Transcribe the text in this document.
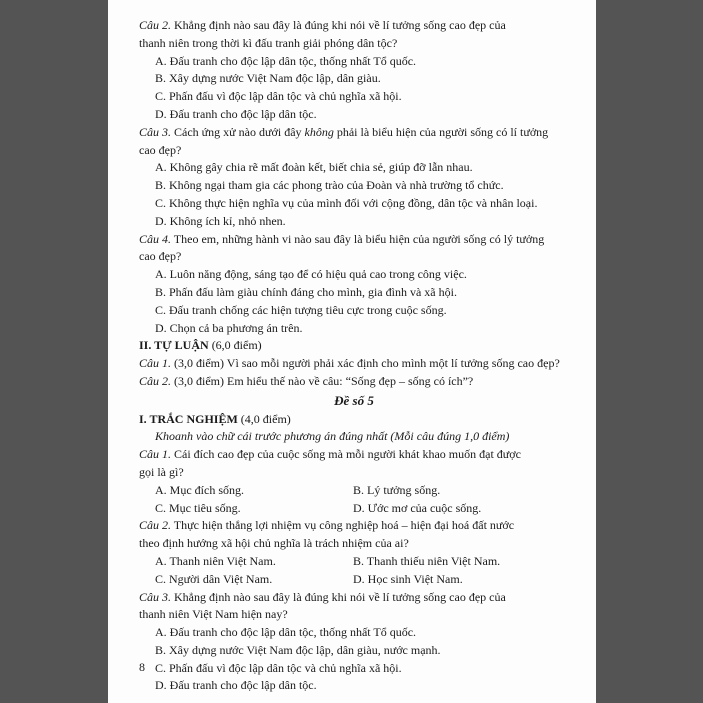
Câu 2. Khẳng định nào sau đây là đúng khi nói về lí tưởng sống cao đẹp của
thanh niên trong thời kì đấu tranh giải phóng dân tộc?
A. Đấu tranh cho độc lập dân tộc, thống nhất Tổ quốc.
B. Xây dựng nước Việt Nam độc lập, dân giàu.
C. Phấn đấu vì độc lập dân tộc và chủ nghĩa xã hội.
D. Đấu tranh cho độc lập dân tộc.
Câu 3. Cách ứng xử nào dưới đây không phải là biểu hiện của người sống có lí tưởng
cao đẹp?
A. Không gây chia rẽ mất đoàn kết, biết chia sẻ, giúp đỡ lẫn nhau.
B. Không ngại tham gia các phong trào của Đoàn và nhà trường tổ chức.
C. Không thực hiện nghĩa vụ của mình đối với cộng đồng, dân tộc và nhân loại.
D. Không ích kỉ, nhỏ nhen.
Câu 4. Theo em, những hành vi nào sau đây là biểu hiện của người sống có lý tưởng
cao đẹp?
A. Luôn năng động, sáng tạo để có hiệu quả cao trong công việc.
B. Phấn đấu làm giàu chính đáng cho mình, gia đình và xã hội.
C. Đấu tranh chống các hiện tượng tiêu cực trong cuộc sống.
D. Chọn cả ba phương án trên.
II. TỰ LUẬN (6,0 điểm)
Câu 1. (3,0 điểm) Vì sao mỗi người phải xác định cho mình một lí tưởng sống cao đẹp?
Câu 2. (3,0 điểm) Em hiểu thế nào về câu: “Sống đẹp – sống có ích”?
Đề số 5
I. TRẮC NGHIỆM (4,0 điểm)
Khoanh vào chữ cái trước phương án đúng nhất (Mỗi câu đúng 1,0 điểm)
Câu 1. Cái đích cao đẹp của cuộc sống mà mỗi người khát khao muốn đạt được
gọi là gì?
A. Mục đích sống.	B. Lý tưởng sống.
C. Mục tiêu sống.	D. Ước mơ của cuộc sống.
Câu 2. Thực hiện thắng lợi nhiệm vụ công nghiệp hoá – hiện đại hoá đất nước
theo định hướng xã hội chủ nghĩa là trách nhiệm của ai?
A. Thanh niên Việt Nam.	B. Thanh thiếu niên Việt Nam.
C. Người dân Việt Nam.	D. Học sinh Việt Nam.
Câu 3. Khẳng định nào sau đây là đúng khi nói về lí tưởng sống cao đẹp của
thanh niên Việt Nam hiện nay?
A. Đấu tranh cho độc lập dân tộc, thống nhất Tổ quốc.
B. Xây dựng nước Việt Nam độc lập, dân giàu, nước mạnh.
C. Phấn đấu vì độc lập dân tộc và chủ nghĩa xã hội.
D. Đấu tranh cho độc lập dân tộc.
8
